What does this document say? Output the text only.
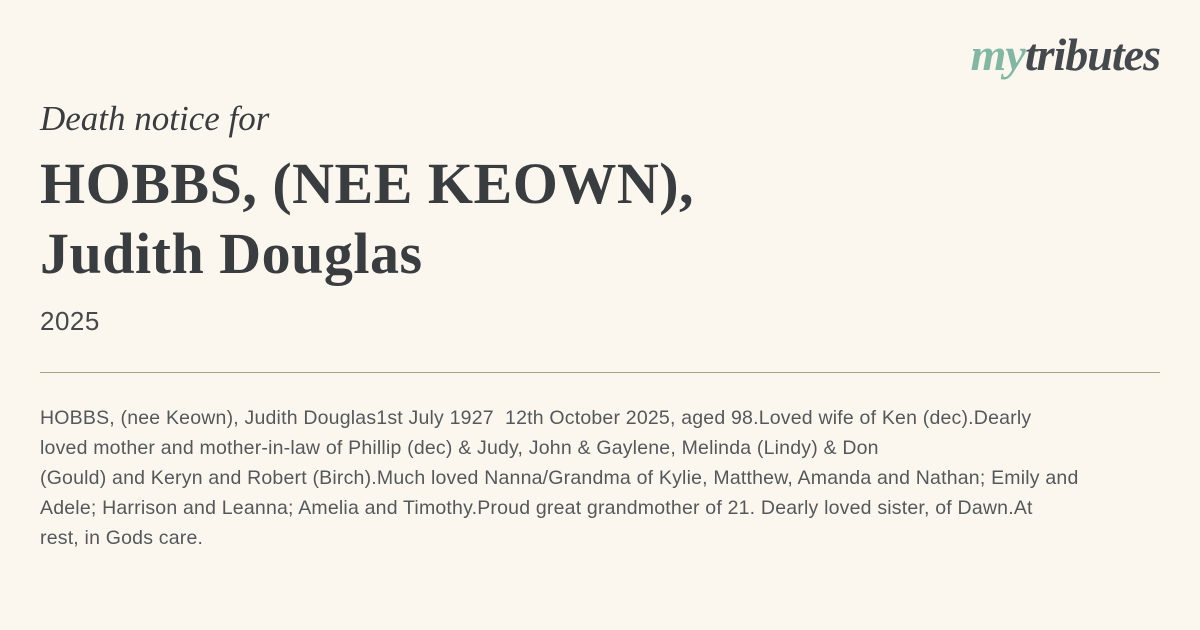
mytributes
Death notice for
HOBBS, (NEE KEOWN),
Judith Douglas
2025
HOBBS, (nee Keown), Judith Douglas1st July 1927  12th October 2025, aged 98.Loved wife of Ken (dec).Dearly
loved mother and mother-in-law of Phillip (dec) & Judy, John & Gaylene, Melinda (Lindy) & Don
(Gould) and Keryn and Robert (Birch).Much loved Nanna/Grandma of Kylie, Matthew, Amanda and Nathan; Emily and
Adele; Harrison and Leanna; Amelia and Timothy.Proud great grandmother of 21. Dearly loved sister, of Dawn.At
rest, in Gods care.
